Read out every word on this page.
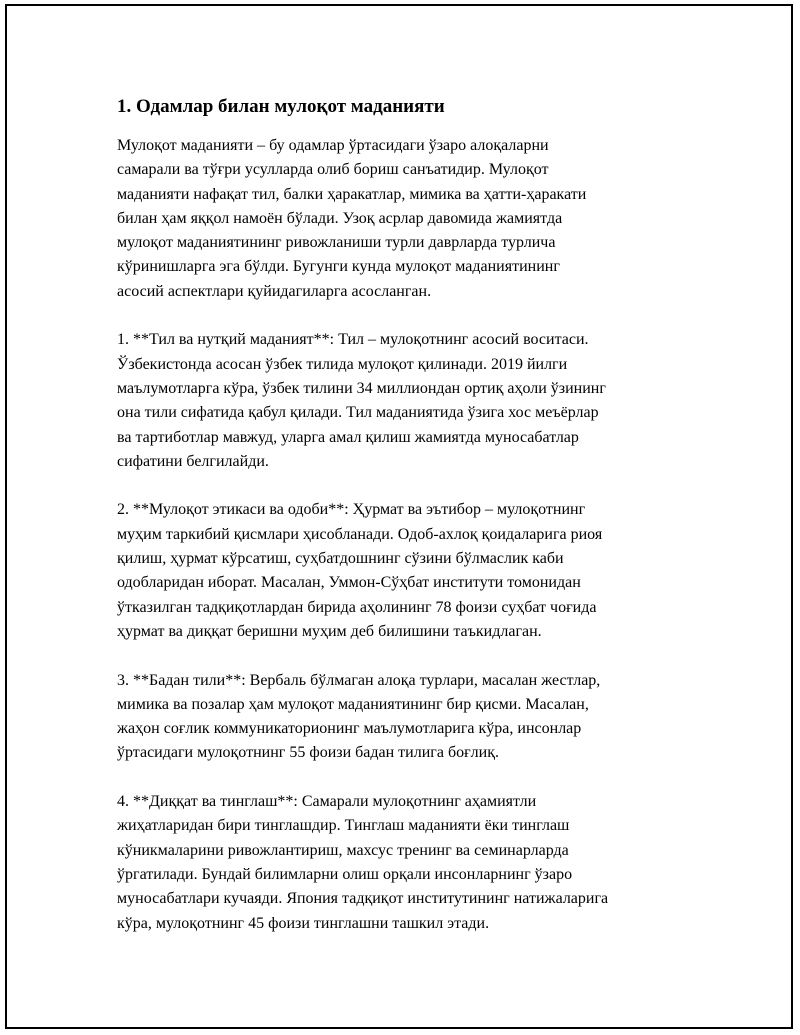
1. Одамлар билан мулоқот маданияти

Мулоқот маданияти – бу одамлар ўртасидаги ўзаро алоқаларни
самарали ва тўғри усулларда олиб бориш санъатидир. Мулоқот
маданияти нафақат тил, балки ҳаракатлар, мимика ва ҳатти-ҳаракати
билан ҳам яққол намоён бўлади. Узоқ асрлар давомида жамиятда
мулоқот маданиятининг ривожланиши турли даврларда турлича
кўринишларга эга бўлди. Бугунги кунда мулоқот маданиятининг
асосий аспектлари қуйидагиларга асосланган.

1. **Тил ва нутқий маданият**: Тил – мулоқотнинг асосий воситаси.
Ўзбекистонда асосан ўзбек тилида мулоқот қилинади. 2019 йилги
маълумотларга кўра, ўзбек тилини 34 миллиондан ортиқ аҳоли ўзининг
она тили сифатида қабул қилади. Тил маданиятида ўзига хос меъёрлар
ва тартиботлар мавжуд, уларга амал қилиш жамиятда муносабатлар
сифатини белгилайди.

2. **Мулоқот этикаси ва одоби**: Ҳурмат ва эътибор – мулоқотнинг
муҳим таркибий қисмлари ҳисобланади. Одоб-ахлоқ қоидаларига риоя
қилиш, ҳурмат кўрсатиш, суҳбатдошнинг сўзини бўлмаслик каби
одобларидан иборат. Масалан, Уммон-Сўҳбат институти томонидан
ўтказилган тадқиқотлардан бирида аҳолининг 78 фоизи суҳбат чоғида
ҳурмат ва диққат беришни муҳим деб билишини таъкидлаган.

3. **Бадан тили**: Вербаль бўлмаган алоқа турлари, масалан жестлар,
мимика ва позалар ҳам мулоқот маданиятининг бир қисми. Масалан,
жаҳон соғлик коммуникаторионинг маълумотларига кўра, инсонлар
ўртасидаги мулоқотнинг 55 фоизи бадан тилига боғлиқ.

4. **Диққат ва тинглаш**: Самарали мулоқотнинг аҳамиятли
жиҳатларидан бири тинглашдир. Тинглаш маданияти ёки тинглаш
кўникмаларини ривожлантириш, махсус тренинг ва семинарларда
ўргатилади. Бундай билимларни олиш орқали инсонларнинг ўзаро
муносабатлари кучаяди. Япония тадқиқот институтининг натижаларига
кўра, мулоқотнинг 45 фоизи тинглашни ташкил этади.
